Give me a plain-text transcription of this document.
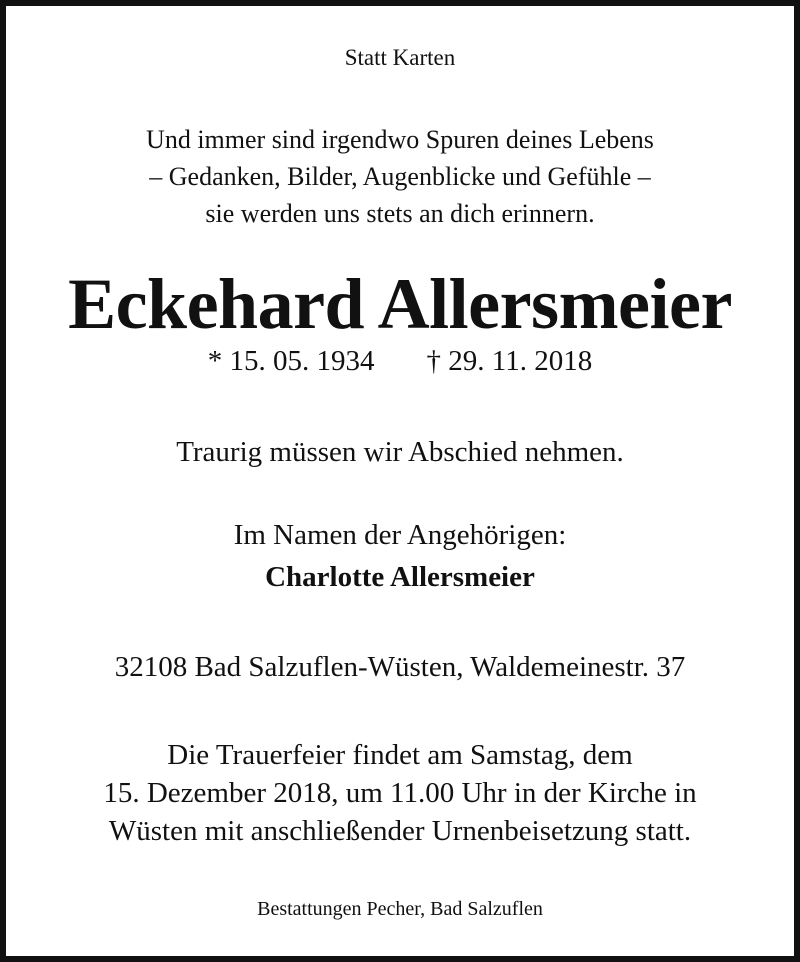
Statt Karten
Und immer sind irgendwo Spuren deines Lebens
– Gedanken, Bilder, Augenblicke und Gefühle –
sie werden uns stets an dich erinnern.
Eckehard Allersmeier
* 15. 05. 1934 † 29. 11. 2018
Traurig müssen wir Abschied nehmen.
Im Namen der Angehörigen:
Charlotte Allersmeier
32108 Bad Salzuflen-Wüsten, Waldemeinestr. 37
Die Trauerfeier findet am Samstag, dem
15. Dezember 2018, um 11.00 Uhr in der Kirche in
Wüsten mit anschließender Urnenbeisetzung statt.
Bestattungen Pecher, Bad Salzuflen
